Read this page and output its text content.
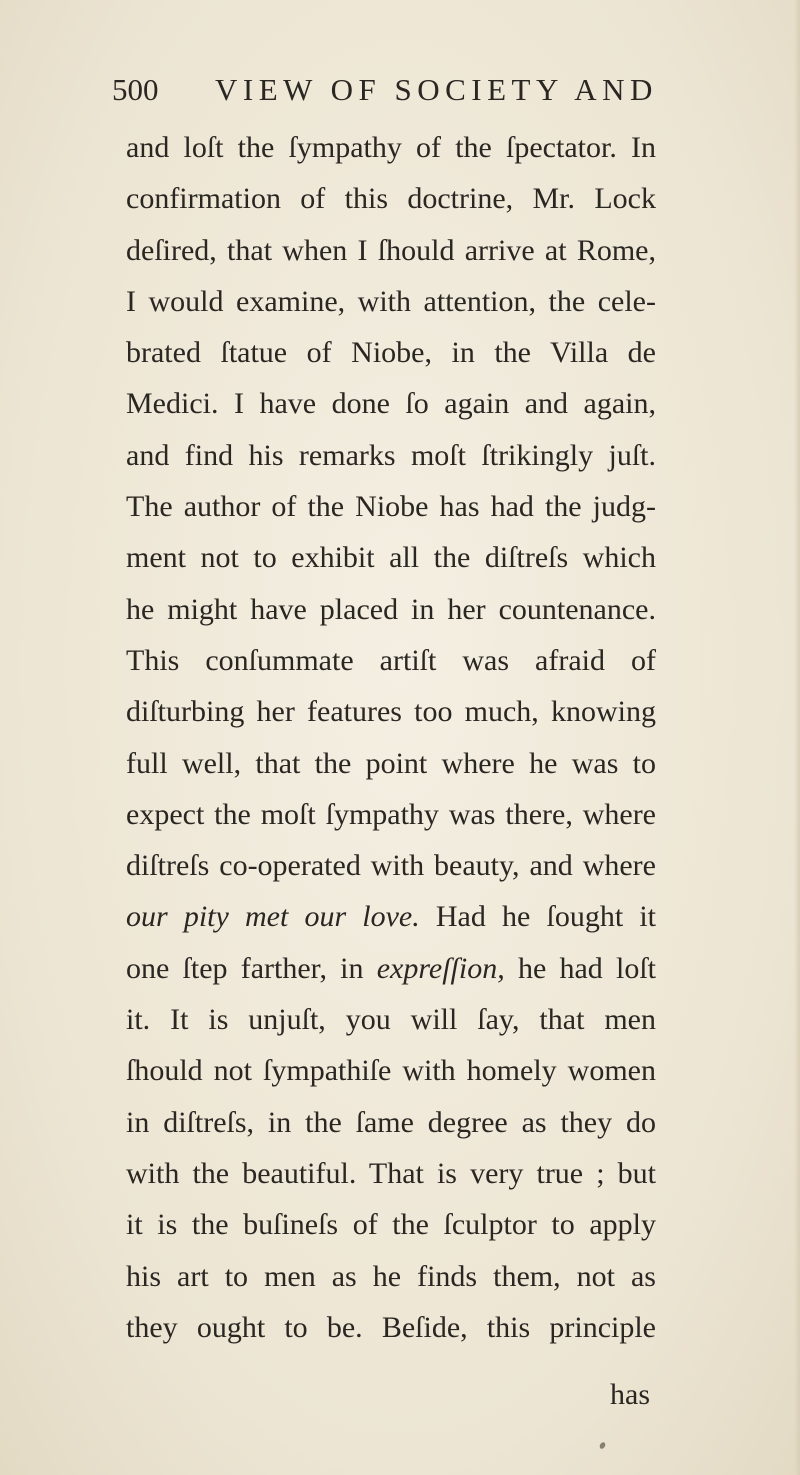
500 VIEW OF SOCIETY AND
and loſt the ſympathy of the ſpectator. In
confirmation of this doctrine, Mr. Lock
deſired, that when I ſhould arrive at Rome,
I would examine, with attention, the cele-
brated ſtatue of Niobe, in the Villa de
Medici. I have done ſo again and again,
and find his remarks moſt ſtrikingly juſt.
The author of the Niobe has had the judg-
ment not to exhibit all the diſtreſs which
he might have placed in her countenance.
This conſummate artiſt was afraid of
diſturbing her features too much, knowing
full well, that the point where he was to
expect the moſt ſympathy was there, where
diſtreſs co-operated with beauty, and where
our pity met our love. Had he ſought it
one ſtep farther, in expreſſion, he had loſt
it. It is unjuſt, you will ſay, that men
ſhould not ſympathiſe with homely women
in diſtreſs, in the ſame degree as they do
with the beautiful. That is very true ; but
it is the buſineſs of the ſculptor to apply
his art to men as he finds them, not as
they ought to be. Beſide, this principle
has
